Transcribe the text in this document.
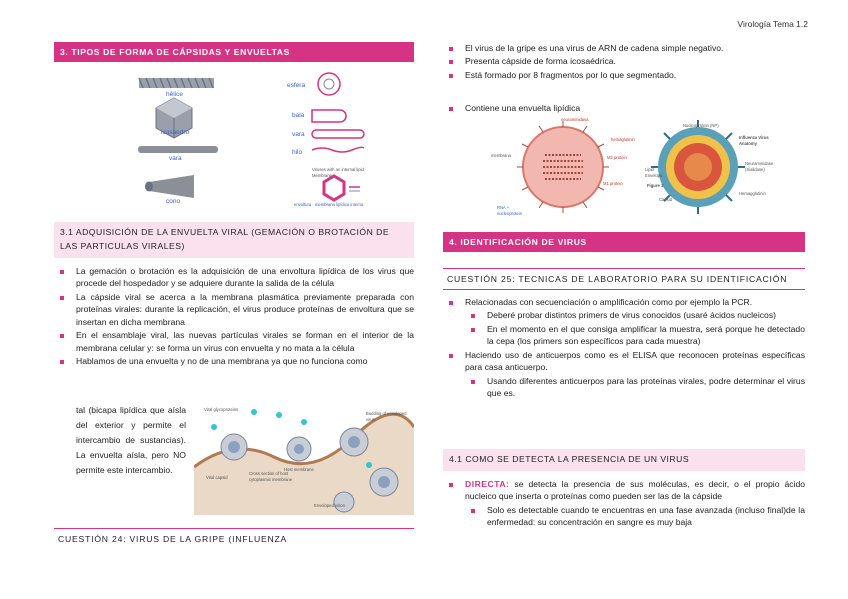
Virología Tema 1.2
3. TIPOS DE FORMA DE CÁPSIDAS Y ENVUELTAS
hélice
icosaedro
vara
cono
esfera
bala
vara
hilo
Viruses with an internal lipid Membrane
envoltura · membrana lipídica interna
3.1 ADQUISICIÓN DE LA ENVUELTA VIRAL (GEMACIÓN O BROTACIÓN DE LAS PARTICULAS VIRALES)
La gemación o brotación es la adquisición de una envoltura lipídica de los virus que procede del hospedador y se adquiere durante la salida de la célula
La cápside viral se acerca a la membrana plasmática previamente preparada con proteínas virales: durante la replicación, el virus produce proteínas de envoltura que se insertan en dicha membrana
En el ensamblaje viral, las nuevas partículas virales se forman en el interior de la membrana celular y: se forma un virus con envuelta y no mata a la célula
Hablamos de una envuelta y no de una membrana ya que no funciona como
tal (bicapa lipídica que aísla del exterior y permite el intercambio de sustancias). La envuelta aísla, pero NO permite este intercambio.
Viral glycoproteins
Budding of enveloped virus
Viral capsid
Cross section of host cytoplasmic membrane
Host membrane
Enveloped virion
CUESTIÓN 24: VIRUS DE LA GRIPE (INFLUENZA
El virus de la gripe es una virus de ARN de cadena simple negativo.
Presenta cápside de forma icosaédrica.
Está formado por 8 fragmentos por lo que segmentado.
Contiene una envuelta lipídica
neuraminidasa
hemaglutinin
membrana	M2 protein
M1 protein
RNA + nucleoprotein
Influenza Virus Anatomy
Figure 1
Nucleoprotein (NP)
Lipid Envelope
Neuraminidase (Sialidase)
Capsid
Hemagglutinin
4. IDENTIFICACIÓN DE VIRUS
CUESTIÓN 25: TECNICAS DE LABORATORIO PARA SU IDENTIFICACIÓN
Relacionadas con secuenciación o amplificación como por ejemplo la PCR.
Deberé probar distintos primers de virus conocidos (usaré ácidos nucleicos)
En el momento en el que consiga amplificar la muestra, será porque he detectado la cepa (los primers son específicos para cada muestra)
Haciendo uso de anticuerpos como es el ELISA que reconocen proteínas específicas para casa anticuerpo.
Usando diferentes anticuerpos para las proteínas virales, podre determinar el virus que es.
4.1 COMO SE DETECTA LA PRESENCIA DE UN VIRUS
DIRECTA: se detecta la presencia de sus moléculas, es decir, o el propio ácido nucleico que inserta o proteínas como pueden ser las de la cápside
Solo es detectable cuando te encuentras en una fase avanzada (incluso final)de la enfermedad: su concentración en sangre es muy baja
